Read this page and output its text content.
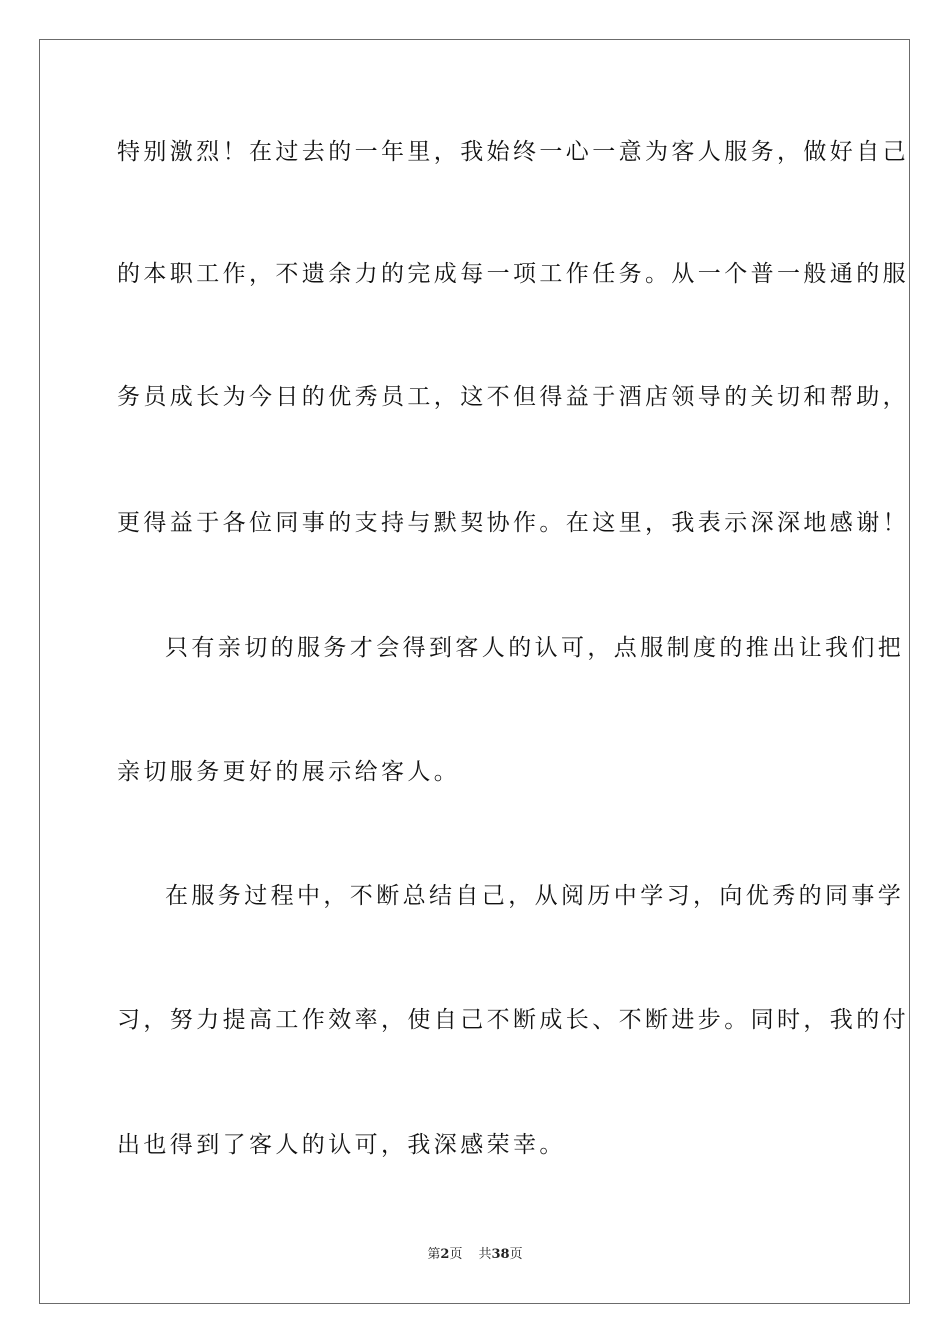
特别激烈！在过去的一年里，我始终一心一意为客人服务，做好自己
的本职工作，不遗余力的完成每一项工作任务。从一个普一般通的服
务员成长为今日的优秀员工，这不但得益于酒店领导的关切和帮助，
更得益于各位同事的支持与默契协作。在这里，我表示深深地感谢！
只有亲切的服务才会得到客人的认可，点服制度的推出让我们把
亲切服务更好的展示给客人。
在服务过程中，不断总结自己，从阅历中学习，向优秀的同事学
习，努力提高工作效率，使自己不断成长、不断进步。同时，我的付
出也得到了客人的认可，我深感荣幸。
第2页 共38页
